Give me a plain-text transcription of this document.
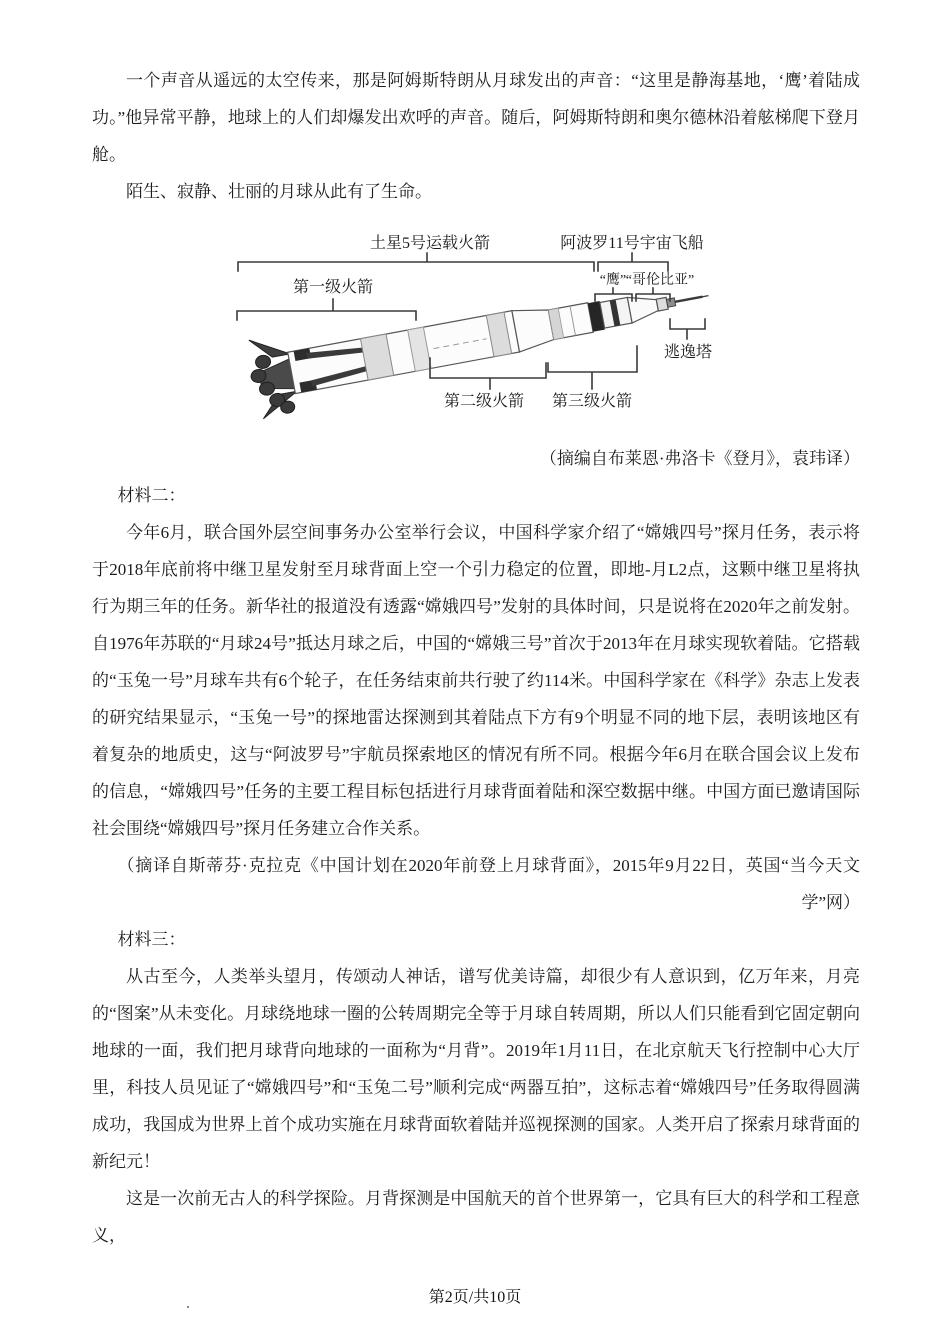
一个声音从遥远的太空传来，那是阿姆斯特朗从月球发出的声音：“这里是静海基地，‘鹰’着陆成功。”他异常平静，地球上的人们却爆发出欢呼的声音。随后，阿姆斯特朗和奥尔德林沿着舷梯爬下登月舱。

陌生、寂静、壮丽的月球从此有了生命。

土星5号运载火箭	阿波罗11号宇宙飞船
第一级火箭	“鹰” “哥伦比亚”
第二级火箭 第三级火箭
逃逸塔

（摘编自布莱恩·弗洛卡《登月》，袁玮译）

材料二：

今年6月，联合国外层空间事务办公室举行会议，中国科学家介绍了“嫦娥四号”探月任务，表示将于2018年底前将中继卫星发射至月球背面上空一个引力稳定的位置，即地-月L2点，这颗中继卫星将执行为期三年的任务。新华社的报道没有透露“嫦娥四号”发射的具体时间，只是说将在2020年之前发射。自1976年苏联的“月球24号”抵达月球之后，中国的“嫦娥三号”首次于2013年在月球实现软着陆。它搭载的“玉兔一号”月球车共有6个轮子，在任务结束前共行驶了约114米。中国科学家在《科学》杂志上发表的研究结果显示，“玉兔一号”的探地雷达探测到其着陆点下方有9个明显不同的地下层，表明该地区有着复杂的地质史，这与“阿波罗号”宇航员探索地区的情况有所不同。根据今年6月在联合国会议上发布的信息，“嫦娥四号”任务的主要工程目标包括进行月球背面着陆和深空数据中继。中国方面已邀请国际社会围绕“嫦娥四号”探月任务建立合作关系。

（摘译自斯蒂芬·克拉克《中国计划在2020年前登上月球背面》，2015年9月22日，英国“当今天文学”网）

材料三：

从古至今，人类举头望月，传颂动人神话，谱写优美诗篇，却很少有人意识到，亿万年来，月亮的“图案”从未变化。月球绕地球一圈的公转周期完全等于月球自转周期，所以人们只能看到它固定朝向地球的一面，我们把月球背向地球的一面称为“月背”。2019年1月11日，在北京航天飞行控制中心大厅里，科技人员见证了“嫦娥四号”和“玉兔二号”顺利完成“两器互拍”，这标志着“嫦娥四号”任务取得圆满成功，我国成为世界上首个成功实施在月球背面软着陆并巡视探测的国家。人类开启了探索月球背面的新纪元！

这是一次前无古人的科学探险。月背探测是中国航天的首个世界第一，它具有巨大的科学和工程意义，

第2页/共10页
